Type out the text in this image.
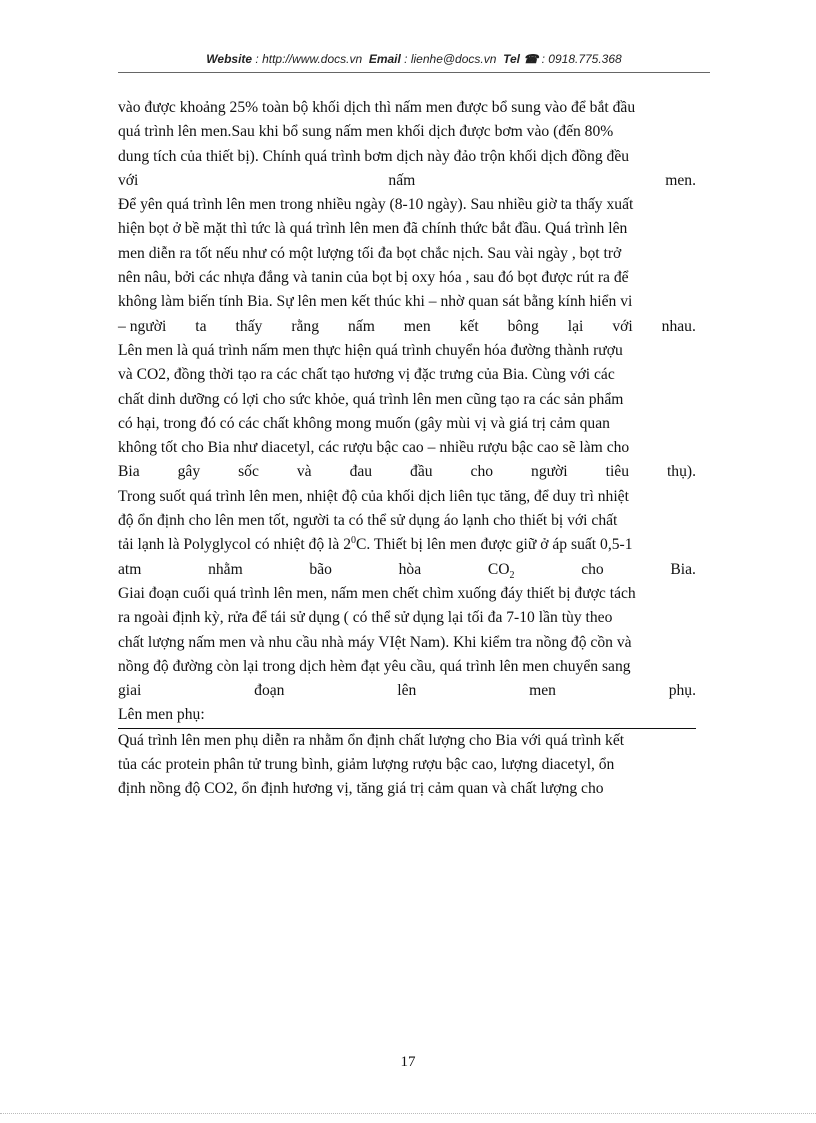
Website : http://www.docs.vn Email : lienhe@docs.vn Tel ☎ : 0918.775.368
vào được khoảng 25% toàn bộ khối dịch thì nấm men được bổ sung vào để bắt đầu
quá trình lên men.Sau khi bổ sung nấm men khối dịch được bơm vào (đến 80%
dung tích của thiết bị). Chính quá trình bơm dịch này đảo trộn khối dịch đồng đều
với	nấm	men.
Để yên quá trình lên men trong nhiều ngày (8-10 ngày). Sau nhiều giờ ta thấy xuất
hiện bọt ở bề mặt thì tức là quá trình lên men đã chính thức bắt đầu. Quá trình lên
men diễn ra tốt nếu như có một lượng tối đa bọt chắc nịch. Sau vài ngày , bọt trở
nên nâu, bởi các nhựa đắng và tanin của bọt bị oxy hóa , sau đó bọt được rút ra để
không làm biến tính Bia. Sự lên men kết thúc khi – nhờ quan sát bằng kính hiển vi
– người ta thấy rằng nấm men kết bông lại với nhau.
Lên men là quá trình nấm men thực hiện quá trình chuyển hóa đường thành rượu
và CO2, đồng thời tạo ra các chất tạo hương vị đặc trưng của Bia. Cùng với các
chất dinh dưỡng có lợi cho sức khỏe, quá trình lên men cũng tạo ra các sản phẩm
có hại, trong đó có các chất không mong muốn (gây mùi vị và giá trị cảm quan
không tốt cho Bia như diacetyl, các rượu bậc cao – nhiều rượu bậc cao sẽ làm cho
Bia gây sốc và đau đầu cho người tiêu thụ).
Trong suốt quá trình lên men, nhiệt độ của khối dịch liên tục tăng, để duy trì nhiệt
độ ổn định cho lên men tốt, người ta có thể sử dụng áo lạnh cho thiết bị với chất
tải lạnh là Polyglycol có nhiệt độ là $2^0C$. Thiết bị lên men được giữ ở áp suất 0,5-1
atm	nhằm	bão	hòa	$CO_2$	cho	Bia.
Giai đoạn cuối quá trình lên men, nấm men chết chìm xuống đáy thiết bị được tách
ra ngoài định kỳ, rửa để tái sử dụng ( có thể sử dụng lại tối đa 7-10 lần tùy theo
chất lượng nấm men và nhu cầu nhà máy VIệt Nam). Khi kiểm tra nồng độ cồn và
nồng độ đường còn lại trong dịch hèm đạt yêu cầu, quá trình lên men chuyển sang
giai	đoạn	lên	men	phụ.
Lên men phụ:
Quá trình lên men phụ diễn ra nhằm ổn định chất lượng cho Bia với quá trình kết
tủa các protein phân tử trung bình, giảm lượng rượu bậc cao, lượng diacetyl, ổn
định nồng độ CO2, ổn định hương vị, tăng giá trị cảm quan và chất lượng cho
17
